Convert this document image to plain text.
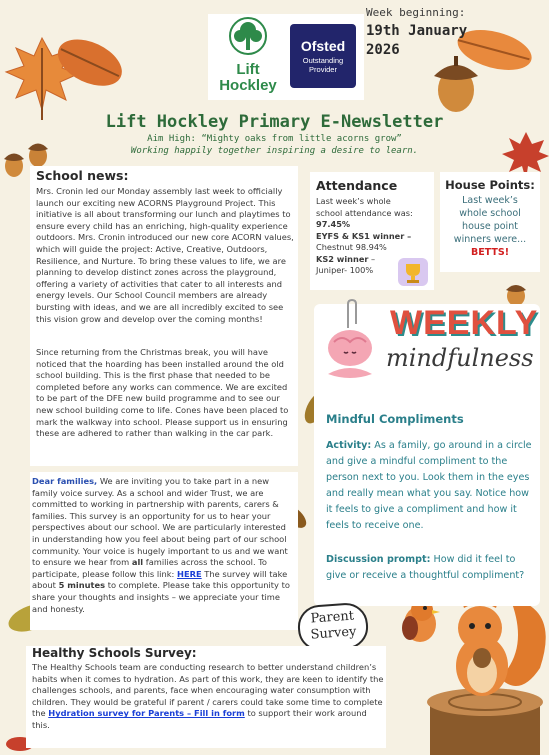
Lift
Hockley
Ofsted
Outstanding
Provider
Week beginning:
19th January
2026
Lift Hockley Primary E-Newsletter
Aim High: “Mighty oaks from little acorns grow”
Working happily together inspiring a desire to learn.
School news:
Mrs. Cronin led our Monday assembly last week to officially launch our exciting new ACORNS Playground Project. This initiative is all about transforming our lunch and playtimes to ensure every child has an enriching, high-quality experience outdoors. Mrs. Cronin introduced our new core ACORN values, which will guide the project: Active, Creative, Outdoors, Resilience, and Nurture. To bring these values to life, we are planning to develop distinct zones across the playground, offering a variety of activities that cater to all interests and energy levels. Our School Council members are already bursting with ideas, and we are all incredibly excited to see this vision grow and develop over the coming months!
Since returning from the Christmas break, you will have noticed that the hoarding has been installed around the old school building. This is the first phase that needed to be completed before any works can commence. We are excited to be part of the DFE new build programme and to see our new school building come to life. Cones have been placed to mark the walkway into school. Please support us in ensuring these are adhered to rather than walking in the car park.
Dear families, We are inviting you to take part in a new family voice survey. As a school and wider Trust, we are committed to working in partnership with parents, carers & families. This survey is an opportunity for us to hear your perspectives about our school. We are particularly interested in understanding how you feel about being part of our school community. Your voice is hugely important to us and we want to ensure we hear from all families across the school. To participate, please follow this link: HERE The survey will take about 5 minutes to complete. Please take this opportunity to share your thoughts and insights – we appreciate your time and honesty.
Attendance
Last week’s whole
school attendance was:
97.45%
EYFS & KS1 winner –
Chestnut 98.94%
KS2 winner –
Juniper- 100%
House Points:
Last week’s
whole school
house point
winners were...
BETTS!
WEEKLY
mindfulness
Mindful Compliments
Activity: As a family, go around in a circle and give a mindful compliment to the person next to you. Look them in the eyes and really mean what you say. Notice how it feels to give a compliment and how it feels to receive one.
Discussion prompt: How did it feel to give or receive a thoughtful compliment?
Parent
Survey
Healthy Schools Survey:
The Healthy Schools team are conducting research to better understand children’s habits when it comes to hydration. As part of this work, they are keen to identify the challenges schools, and parents, face when encouraging water consumption with children. They would be grateful if parent / carers could take some time to complete the Hydration survey for Parents – Fill in form to support their work around this.
